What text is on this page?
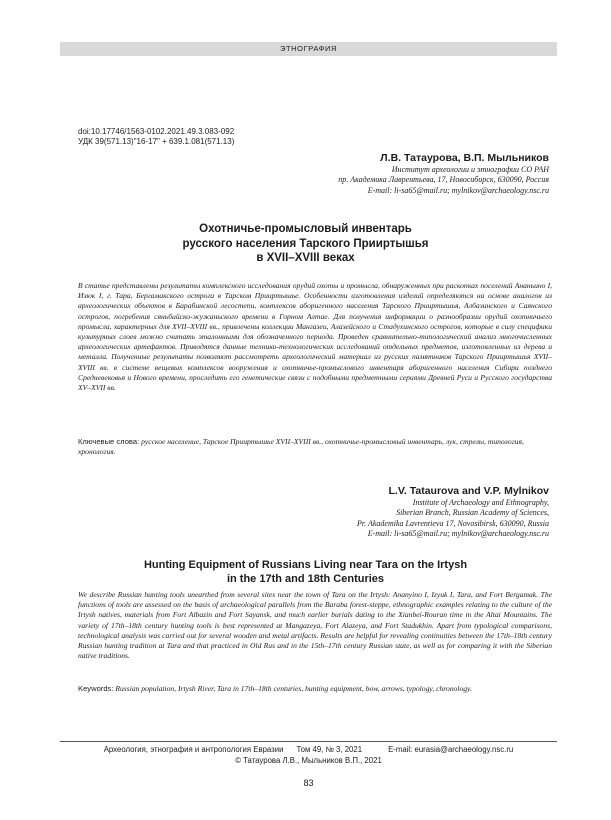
ЭТНОГРАФИЯ
doi:10.17746/1563-0102.2021.49.3.083-092
УДК 39(571.13)"16-17" + 639.1.081(571.13)
Л.В. Татаурова, В.П. Мыльников
Институт археологии и этнографии СО РАН
пр. Академика Лаврентьева, 17, Новосибирск, 630090, Россия
E-mail: li-sa65@mail.ru; mylnikov@archaeology.nsc.ru
Охотничье-промысловый инвентарь
русского населения Тарского Прииртышья
в XVII–XVIII веках
В статье представлены результаты комплексного исследования орудий охоты и промысла, обнаруженных при раскопках поселений Ананьино I, Изюк I, г. Тара, Бергамакского острога в Тарском Прииртышье. Особенности изготовления изделий определяются на основе аналогов из археологических объектов в Барабинской лесостепи, комплексов аборигенного населения Тарского Прииртышья, Албазинского и Саянского острогов, погребения сяньбийско-жужаньского времени в Горном Алтае. Для получения информации о разнообразии орудий охотничьего промысла, характерных для XVII–XVIII вв., привлечены коллекции Мангазеи, Алазейского и Стадухинского острогов, которые в силу специфики культурных слоев можно считать эталонными для обозначенного периода. Проведен сравнительно-типологический анализ многочисленных археологических артефактов. Приводятся данные технико-технологических исследований отдельных предметов, изготовленных из дерева и металла. Полученные результаты позволяют рассмотреть археологический материал из русских памятников Тарского Прииртышья XVII–XVIII вв. в системе вещевых комплексов вооружения и охотничье-промыслового инвентаря аборигенного населения Сибири позднего Средневековья и Нового времени, проследить его генетические связи с подобными предметными сериями Древней Руси и Русского государства XV–XVII вв.
Ключевые слова: русское население, Тарское Прииртышье XVII–XVIII вв., охотничье-промысловый инвентарь, лук, стрелы, типология, хронология.
L.V. Tataurova and V.P. Mylnikov
Institute of Archaeology and Ethnography,
Siberian Branch, Russian Academy of Sciences,
Pr. Akademika Lavrentieva 17, Novosibirsk, 630090, Russia
E-mail: li-sa65@mail.ru; mylnikov@archaeology.nsc.ru
Hunting Equipment of Russians Living near Tara on the Irtysh
in the 17th and 18th Centuries
We describe Russian hunting tools unearthed from several sites near the town of Tara on the Irtysh: Ananyino I, Izyuk I, Tara, and Fort Bergamak. The functions of tools are assessed on the basis of archaeological parallels from the Baraba forest-steppe, ethnographic examples relating to the culture of the Irtysh natives, materials from Fort Albazin and Fort Sayansk, and much earlier burials dating to the Xianbei-Rouran time in the Altai Mountains. The variety of 17th–18th century hunting tools is best represented at Mangazeya, Fort Alazeya, and Fort Stadukhin. Apart from typological comparisons, technological analysis was carried out for several wooden and metal artifacts. Results are helpful for revealing continuities between the 17th–18th century Russian hunting tradition at Tara and that practiced in Old Rus and in the 15th–17th century Russian state, as well as for comparing it with the Siberian native traditions.
Keywords: Russian population, Irtysh River, Tara in 17th–18th centuries, hunting equipment, bow, arrows, typology, chronology.
Археология, этнография и антропология Евразии Том 49, № 3, 2021	E-mail: eurasia@archaeology.nsc.ru
© Татаурова Л.В., Мыльников В.П., 2021
83
